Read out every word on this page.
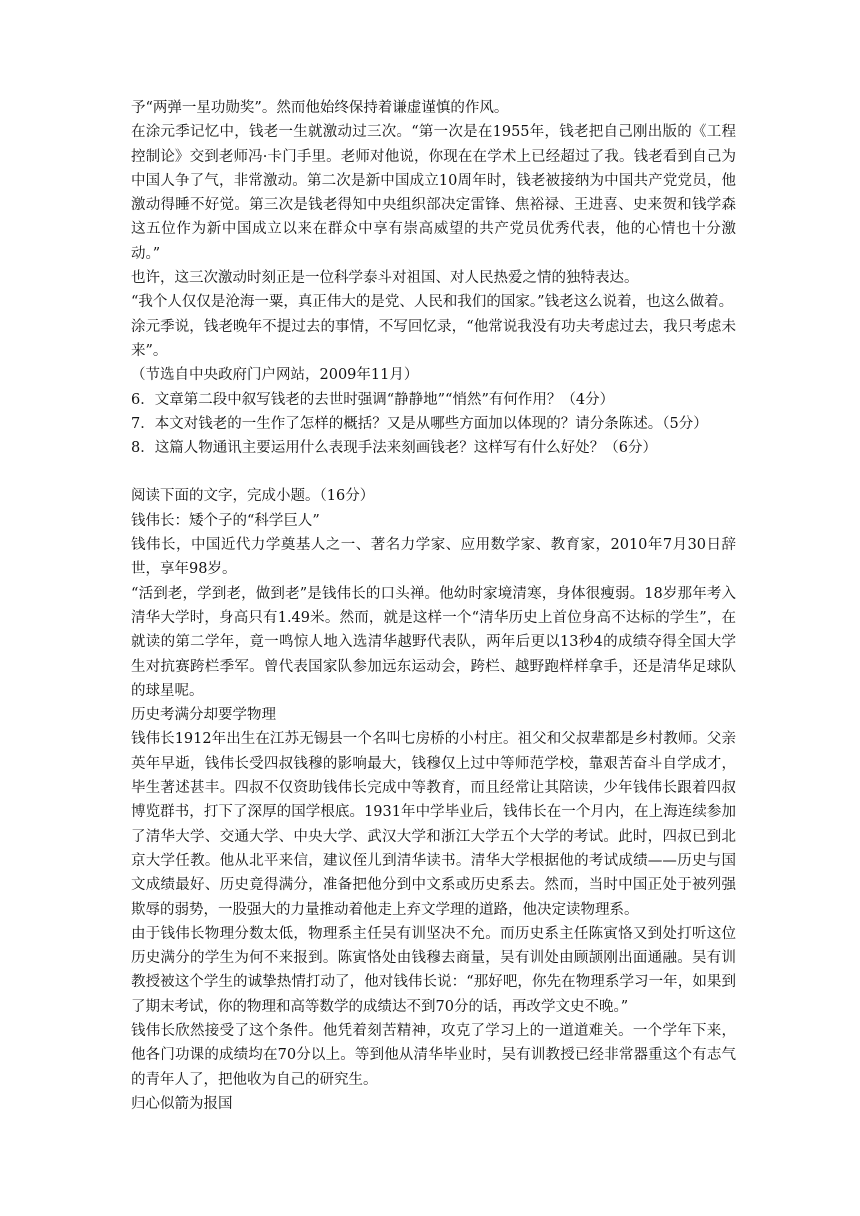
予“两弹一星功勋奖”。然而他始终保持着谦虚谨慎的作风。

在涂元季记忆中，钱老一生就激动过三次。“第一次是在1955年，钱老把自己刚出版的《工程控制论》交到老师冯·卡门手里。老师对他说，你现在在学术上已经超过了我。钱老看到自己为中国人争了气，非常激动。第二次是新中国成立10周年时，钱老被接纳为中国共产党党员，他激动得睡不好觉。第三次是钱老得知中央组织部决定雷锋、焦裕禄、王进喜、史来贺和钱学森这五位作为新中国成立以来在群众中享有崇高威望的共产党员优秀代表，他的心情也十分激动。”

也许，这三次激动时刻正是一位科学泰斗对祖国、对人民热爱之情的独特表达。

“我个人仅仅是沧海一粟，真正伟大的是党、人民和我们的国家。”钱老这么说着，也这么做着。

涂元季说，钱老晚年不提过去的事情，不写回忆录，“他常说我没有功夫考虑过去，我只考虑未来”。

（节选自中央政府门户网站，2009年11月）

6．文章第二段中叙写钱老的去世时强调“静静地”“悄然”有何作用？（4分）

7．本文对钱老的一生作了怎样的概括？又是从哪些方面加以体现的？请分条陈述。（5分）

8．这篇人物通讯主要运用什么表现手法来刻画钱老？这样写有什么好处？（6分）

阅读下面的文字，完成小题。（16分）

钱伟长：矮个子的“科学巨人”

钱伟长，中国近代力学奠基人之一、著名力学家、应用数学家、教育家，2010年7月30日辞世，享年98岁。

“活到老，学到老，做到老”是钱伟长的口头禅。他幼时家境清寒，身体很瘦弱。18岁那年考入清华大学时，身高只有1.49米。然而，就是这样一个“清华历史上首位身高不达标的学生”，在就读的第二学年，竟一鸣惊人地入选清华越野代表队，两年后更以13秒4的成绩夺得全国大学生对抗赛跨栏季军。曾代表国家队参加远东运动会，跨栏、越野跑样样拿手，还是清华足球队的球星呢。

历史考满分却要学物理

钱伟长1912年出生在江苏无锡县一个名叫七房桥的小村庄。祖父和父叔辈都是乡村教师。父亲英年早逝，钱伟长受四叔钱穆的影响最大，钱穆仅上过中等师范学校，靠艰苦奋斗自学成才，毕生著述甚丰。四叔不仅资助钱伟长完成中等教育，而且经常让其陪读，少年钱伟长跟着四叔博览群书，打下了深厚的国学根底。1931年中学毕业后，钱伟长在一个月内，在上海连续参加了清华大学、交通大学、中央大学、武汉大学和浙江大学五个大学的考试。此时，四叔已到北京大学任教。他从北平来信，建议侄儿到清华读书。清华大学根据他的考试成绩——历史与国文成绩最好、历史竟得满分，准备把他分到中文系或历史系去。然而，当时中国正处于被列强欺辱的弱势，一股强大的力量推动着他走上弃文学理的道路，他决定读物理系。

由于钱伟长物理分数太低，物理系主任吴有训坚决不允。而历史系主任陈寅恪又到处打听这位历史满分的学生为何不来报到。陈寅恪处由钱穆去商量，吴有训处由顾颉刚出面通融。吴有训教授被这个学生的诚挚热情打动了，他对钱伟长说：“那好吧，你先在物理系学习一年，如果到了期末考试，你的物理和高等数学的成绩达不到70分的话，再改学文史不晚。”

钱伟长欣然接受了这个条件。他凭着刻苦精神，攻克了学习上的一道道难关。一个学年下来，他各门功课的成绩均在70分以上。等到他从清华毕业时，吴有训教授已经非常器重这个有志气的青年人了，把他收为自己的研究生。

归心似箭为报国
